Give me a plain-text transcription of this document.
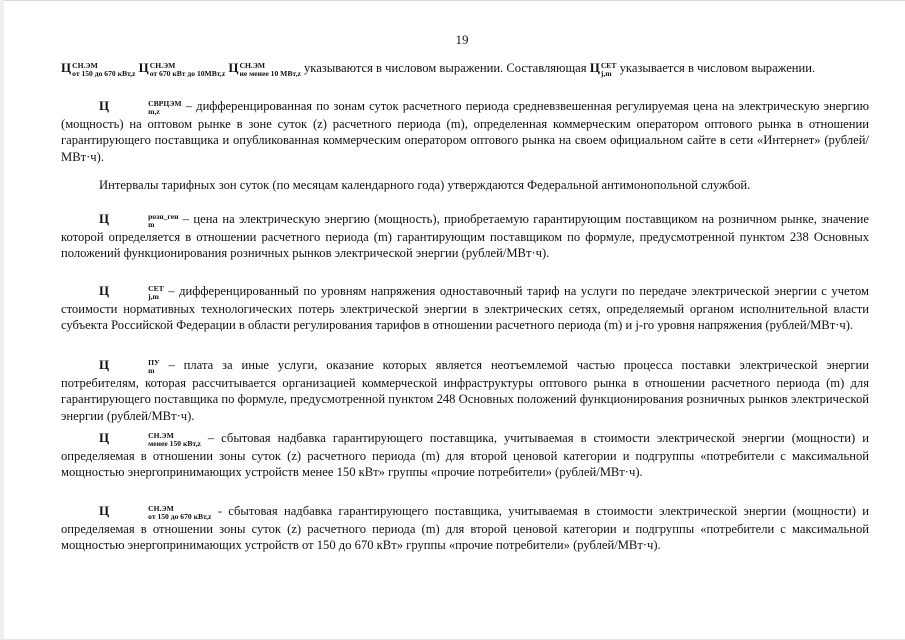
19

Ц СН.ЭМ
от 150 до 670 кВт,z Ц СН.ЭМ
от 670 кВт до 10МВт,z Ц СН.ЭМ
не менее 10 МВт,z указываются в числовом выражении. Составляющая Ц СЕТ
j,m указывается в числовом выражении.

Ц	СВРЦЭМ
m,z	– дифференцированная по зонам суток расчетного периода средневзвешенная регулируемая цена на электрическую энергию (мощность) на оптовом рынке в зоне суток (z) расчетного периода (m), определенная коммерческим оператором оптового рынка в отношении гарантирующего поставщика и опубликованная коммерческим оператором оптового рынка на своем официальном сайте в сети «Интернет» (рублей/МВт·ч).

Интервалы тарифных зон суток (по месяцам календарного года) утверждаются Федеральной антимонопольной службой.

Ц	розн_ген
m	– цена на электрическую энергию (мощность), приобретаемую гарантирующим поставщиком на розничном рынке, значение которой определяется в отношении расчетного периода (m) гарантирующим поставщиком по формуле, предусмотренной пунктом 238 Основных положений функционирования розничных рынков электрической энергии (рублей/МВт·ч).

Ц	СЕТ
j,m – дифференцированный по уровням напряжения одноставочный тариф на услуги по передаче электрической энергии с учетом стоимости нормативных технологических потерь электрической энергии в электрических сетях, определяемый органом исполнительной власти субъекта Российской Федерации в области регулирования тарифов в отношении расчетного периода (m) и j-го уровня напряжения (рублей/МВт·ч).

Ц	ПУ
m – плата за иные услуги, оказание которых является неотъемлемой частью процесса поставки электрической энергии потребителям, которая рассчитывается организацией коммерческой инфраструктуры оптового рынка в отношении расчетного периода (m) для гарантирующего поставщика по формуле, предусмотренной пунктом 248 Основных положений функционирования розничных рынков электрической энергии (рублей/МВт·ч).

Ц	СН.ЭМ
менее 150 кВт,z – сбытовая надбавка гарантирующего поставщика, учитываемая в стоимости электрической энергии (мощности) и определяемая в отношении зоны суток (z) расчетного периода (m) для второй ценовой категории и подгруппы «потребители с максимальной мощностью энергопринимающих устройств менее 150 кВт» группы «прочие потребители» (рублей/МВт·ч).

Ц	СН.ЭМ
от 150 до 670 кВт,z - сбытовая надбавка гарантирующего поставщика, учитываемая в стоимости электрической энергии (мощности) и определяемая в отношении зоны суток (z) расчетного периода (m) для второй ценовой категории и подгруппы «потребители с максимальной мощностью энергопринимающих устройств от 150 до 670 кВт» группы «прочие потребители» (рублей/МВт·ч).
